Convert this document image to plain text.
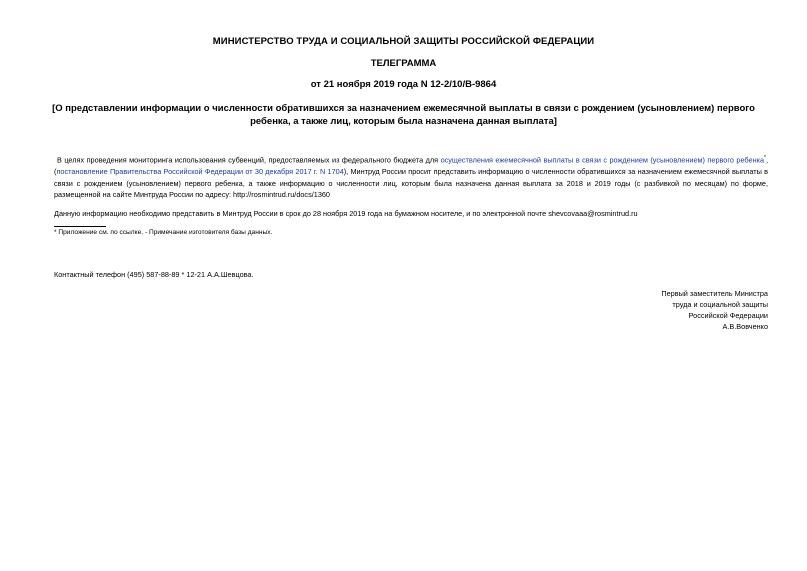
МИНИСТЕРСТВО ТРУДА И СОЦИАЛЬНОЙ ЗАЩИТЫ РОССИЙСКОЙ ФЕДЕРАЦИИ
ТЕЛЕГРАММА
от 21 ноября 2019 года N 12-2/10/В-9864
[О представлении информации о численности обратившихся за назначением ежемесячной выплаты в связи с рождением (усыновлением) первого ребенка, а также лиц, которым была назначена данная выплата]
В целях проведения мониторинга использования субвенций, предоставляемых из федерального бюджета для осуществления ежемесячной выплаты в связи с рождением (усыновлением) первого ребенка*, (постановление Правительства Российской Федерации от 30 декабря 2017 г. N 1704), Минтруд России просит представить информацию о численности обратившихся за назначением ежемесячной выплаты в связи с рождением (усыновлением) первого ребенка, а также информацию о численности лиц, которым была назначена данная выплата за 2018 и 2019 годы (с разбивкой по месяцам) по форме, размещенной на сайте Минтруда России по адресу: http://rosmintrud.ru/docs/1360
Данную информацию необходимо представить в Минтруд России в срок до 28 ноября 2019 года на бумажном носителе, и по электронной почте shevcovaaa@rosmintrud.ru
* Приложение см. по ссылке. - Примечание изготовителя базы данных.
Контактный телефон (495) 587-88-89 * 12-21 А.А.Шевцова.
Первый заместитель Министра
труда и социальной защиты
Российской Федерации
А.В.Вовченко
